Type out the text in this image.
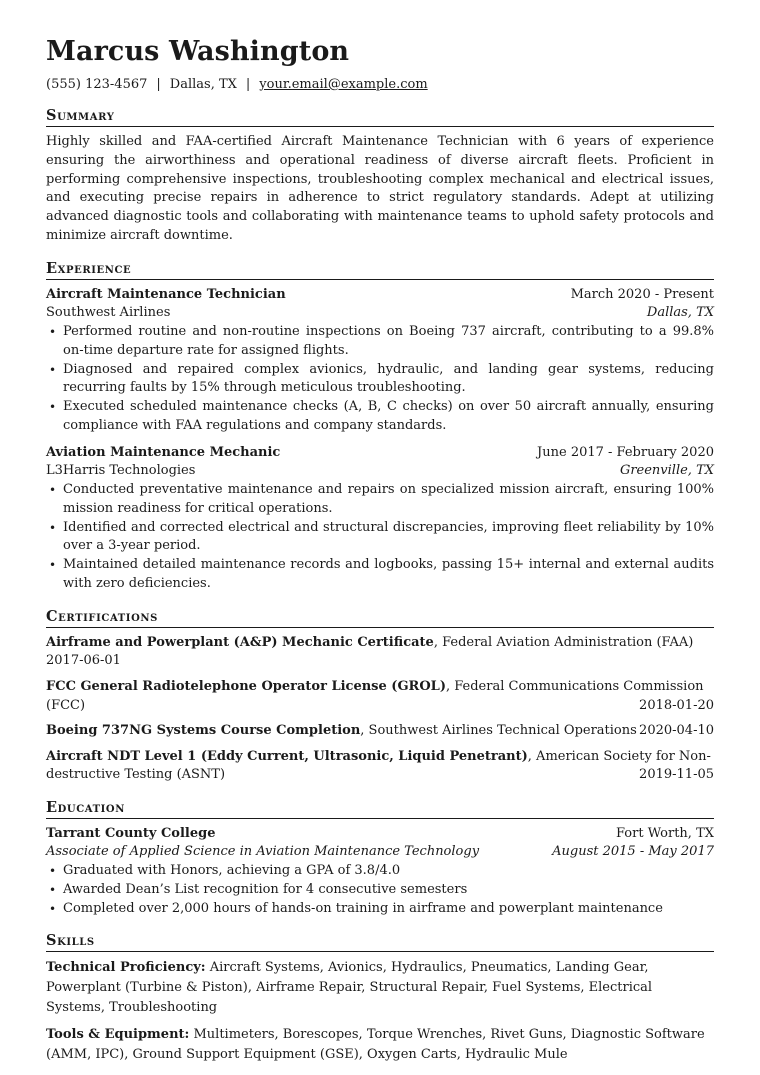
Marcus Washington
(555) 123-4567 | Dallas, TX | your.email@example.com
Summary
Highly skilled and FAA-certified Aircraft Maintenance Technician with 6 years of experience ensuring the airworthiness and operational readiness of diverse aircraft fleets. Proficient in performing comprehensive inspections, troubleshooting complex mechanical and electrical issues, and executing precise repairs in adherence to strict regulatory standards. Adept at utilizing advanced diagnostic tools and collaborating with maintenance teams to uphold safety protocols and minimize aircraft downtime.
Experience
Aircraft Maintenance Technician	March 2020 - Present
Southwest Airlines	Dallas, TX
• Performed routine and non-routine inspections on Boeing 737 aircraft, contributing to a 99.8% on-time departure rate for assigned flights.
• Diagnosed and repaired complex avionics, hydraulic, and landing gear systems, reducing recurring faults by 15% through meticulous troubleshooting.
• Executed scheduled maintenance checks (A, B, C checks) on over 50 aircraft annually, ensuring compliance with FAA regulations and company standards.
Aviation Maintenance Mechanic	June 2017 - February 2020
L3Harris Technologies	Greenville, TX
• Conducted preventative maintenance and repairs on specialized mission aircraft, ensuring 100% mission readiness for critical operations.
• Identified and corrected electrical and structural discrepancies, improving fleet reliability by 10% over a 3-year period.
• Maintained detailed maintenance records and logbooks, passing 15+ internal and external audits with zero deficiencies.
Certifications
Airframe and Powerplant (A&P) Mechanic Certificate, Federal Aviation Administration (FAA)
2017-06-01
FCC General Radiotelephone Operator License (GROL), Federal Communications Commission
(FCC)	2018-01-20
Boeing 737NG Systems Course Completion, Southwest Airlines Technical Operations 2020-04-10
Aircraft NDT Level 1 (Eddy Current, Ultrasonic, Liquid Penetrant), American Society for Non-
destructive Testing (ASNT)	2019-11-05
Education
Tarrant County College	Fort Worth, TX
Associate of Applied Science in Aviation Maintenance Technology	August 2015 - May 2017
• Graduated with Honors, achieving a GPA of 3.8/4.0
• Awarded Dean’s List recognition for 4 consecutive semesters
• Completed over 2,000 hours of hands-on training in airframe and powerplant maintenance
Skills
Technical Proficiency: Aircraft Systems, Avionics, Hydraulics, Pneumatics, Landing Gear, Powerplant (Turbine & Piston), Airframe Repair, Structural Repair, Fuel Systems, Electrical Systems, Troubleshooting
Tools & Equipment: Multimeters, Borescopes, Torque Wrenches, Rivet Guns, Diagnostic Software (AMM, IPC), Ground Support Equipment (GSE), Oxygen Carts, Hydraulic Mule
